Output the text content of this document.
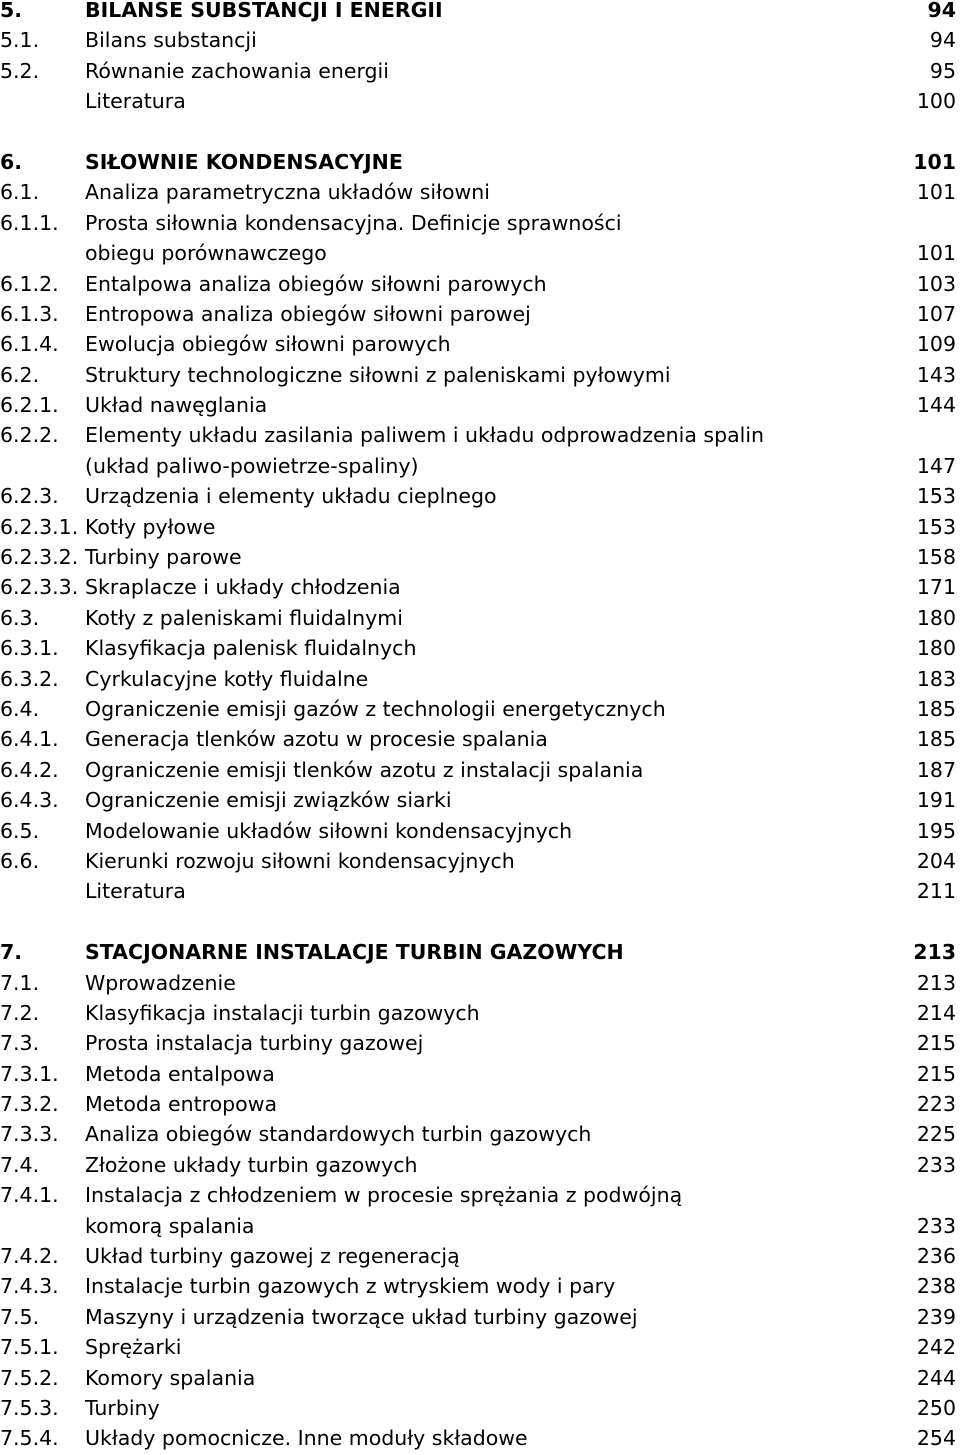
5.	BILANSE SUBSTANCJI I ENERGII	94
5.1. Bilans substancji	94
5.2. Równanie zachowania energii	95
Literatura	100
6.	SIŁOWNIE KONDENSACYJNE	101
6.1. Analiza parametryczna układów siłowni	101
6.1.1. Prosta siłownia kondensacyjna. Definicje sprawności
obiegu porównawczego	101
6.1.2. Entalpowa analiza obiegów siłowni parowych	103
6.1.3. Entropowa analiza obiegów siłowni parowej	107
6.1.4. Ewolucja obiegów siłowni parowych	109
6.2. Struktury technologiczne siłowni z paleniskami pyłowymi	143
6.2.1. Układ nawęglania	144
6.2.2. Elementy układu zasilania paliwem i układu odprowadzenia spalin
(układ paliwo-powietrze-spaliny)	147
6.2.3. Urządzenia i elementy układu cieplnego	153
6.2.3.1. Kotły pyłowe	153
6.2.3.2. Turbiny parowe	158
6.2.3.3. Skraplacze i układy chłodzenia	171
6.3. Kotły z paleniskami fluidalnymi	180
6.3.1. Klasyfikacja palenisk fluidalnych	180
6.3.2. Cyrkulacyjne kotły fluidalne	183
6.4. Ograniczenie emisji gazów z technologii energetycznych	185
6.4.1. Generacja tlenków azotu w procesie spalania	185
6.4.2. Ograniczenie emisji tlenków azotu z instalacji spalania	187
6.4.3. Ograniczenie emisji związków siarki	191
6.5. Modelowanie układów siłowni kondensacyjnych	195
6.6. Kierunki rozwoju siłowni kondensacyjnych	204
Literatura	211
7.	STACJONARNE INSTALACJE TURBIN GAZOWYCH	213
7.1. Wprowadzenie	213
7.2. Klasyfikacja instalacji turbin gazowych	214
7.3. Prosta instalacja turbiny gazowej	215
7.3.1. Metoda entalpowa	215
7.3.2. Metoda entropowa	223
7.3.3. Analiza obiegów standardowych turbin gazowych	225
7.4. Złożone układy turbin gazowych	233
7.4.1. Instalacja z chłodzeniem w procesie sprężania z podwójną
komorą spalania	233
7.4.2. Układ turbiny gazowej z regeneracją	236
7.4.3. Instalacje turbin gazowych z wtryskiem wody i pary	238
7.5. Maszyny i urządzenia tworzące układ turbiny gazowej	239
7.5.1. Sprężarki	242
7.5.2. Komory spalania	244
7.5.3. Turbiny	250
7.5.4. Układy pomocnicze. Inne moduły składowe	254
